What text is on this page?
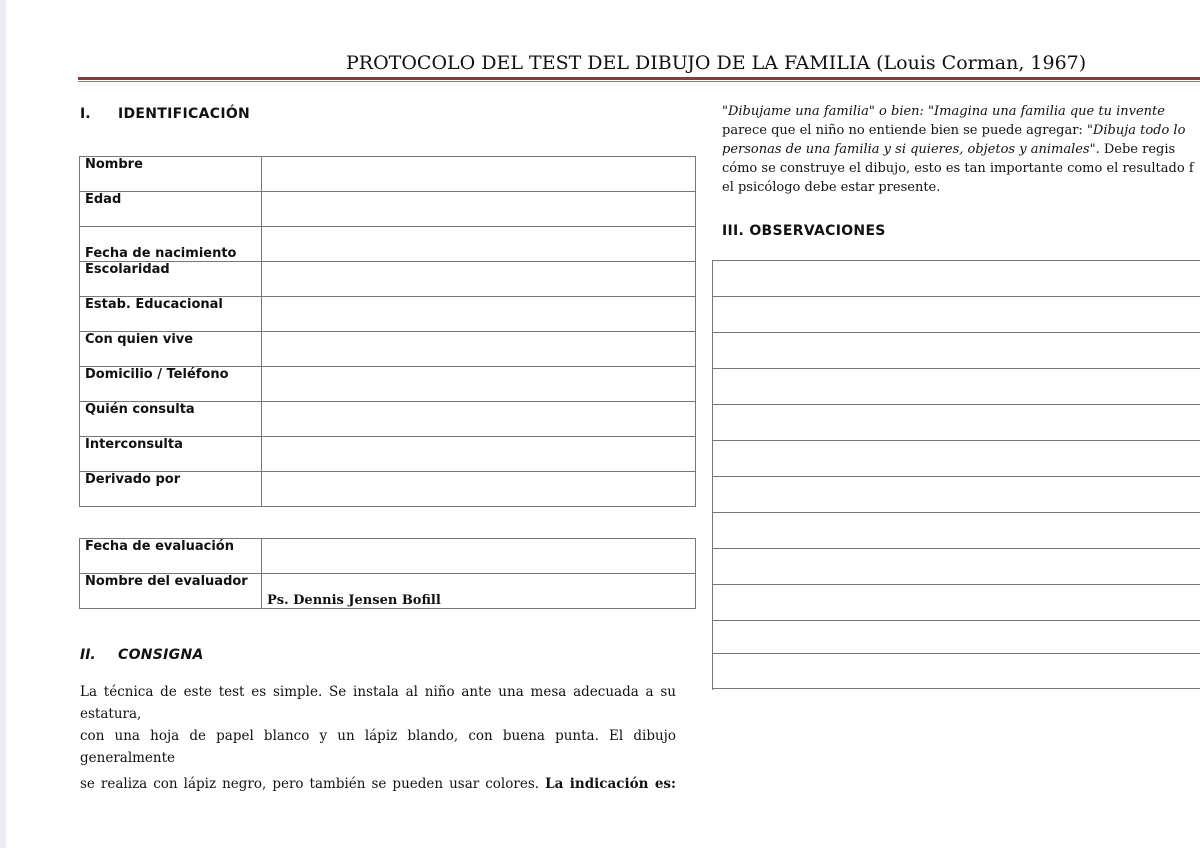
PROTOCOLO DEL TEST DEL DIBUJO DE LA FAMILIA (Louis Corman, 1967)
I. IDENTIFICACIÓN
Nombre	
Edad	
Fecha de nacimiento	
Escolaridad	
Estab. Educacional	
Con quien vive	
Domicilio / Teléfono	
Quién consulta	
Interconsulta	
Derivado por	
Fecha de evaluación	
Nombre del evaluador	Ps. Dennis Jensen Bofill
II. CONSIGNA
La técnica de este test es simple. Se instala al niño ante una mesa adecuada a su estatura,
con una hoja de papel blanco y un lápiz blando, con buena punta. El dibujo generalmente
se realiza con lápiz negro, pero también se pueden usar colores. La indicación es:
"Dibujame una familia" o bien: "Imagina una familia que tu invente
parece que el niño no entiende bien se puede agregar: "Dibuja todo lo
personas de una familia y si quieres, objetos y animales". Debe regis
cómo se construye el dibujo, esto es tan importante como el resultado f
el psicólogo debe estar presente.
III. OBSERVACIONES
